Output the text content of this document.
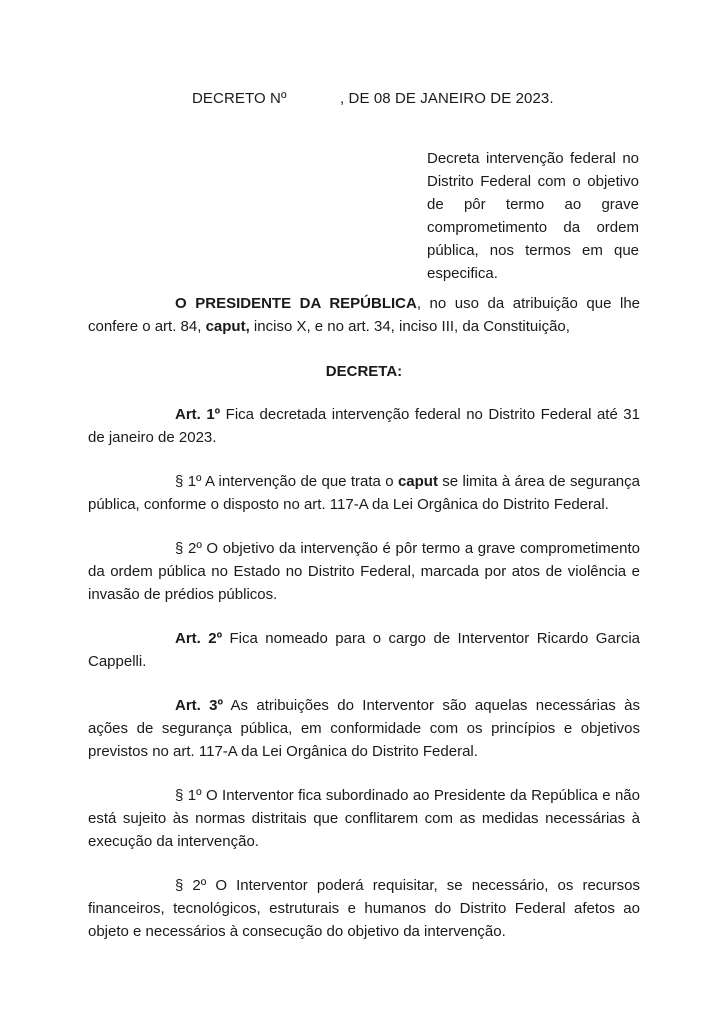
DECRETO Nº	, DE 08 DE JANEIRO DE 2023.
Decreta intervenção federal no
Distrito Federal com o objetivo
de pôr termo ao grave
comprometimento da ordem
pública, nos termos em que
especifica.

O PRESIDENTE DA REPÚBLICA, no uso da atribuição que lhe confere o art. 84, caput, inciso X, e no art. 34, inciso III, da Constituição,

DECRETA:

Art. 1º Fica decretada intervenção federal no Distrito Federal até 31 de janeiro de 2023.

§ 1º A intervenção de que trata o caput se limita à área de segurança pública, conforme o disposto no art. 117-A da Lei Orgânica do Distrito Federal.

§ 2º O objetivo da intervenção é pôr termo a grave comprometimento da ordem pública no Estado no Distrito Federal, marcada por atos de violência e invasão de prédios públicos.

Art. 2º Fica nomeado para o cargo de Interventor Ricardo Garcia Cappelli.

Art. 3º As atribuições do Interventor são aquelas necessárias às ações de segurança pública, em conformidade com os princípios e objetivos previstos no art. 117-A da Lei Orgânica do Distrito Federal.

§ 1º O Interventor fica subordinado ao Presidente da República e não está sujeito às normas distritais que conflitarem com as medidas necessárias à execução da intervenção.

§ 2º O Interventor poderá requisitar, se necessário, os recursos financeiros, tecnológicos, estruturais e humanos do Distrito Federal afetos ao objeto e necessários à consecução do objetivo da intervenção.
